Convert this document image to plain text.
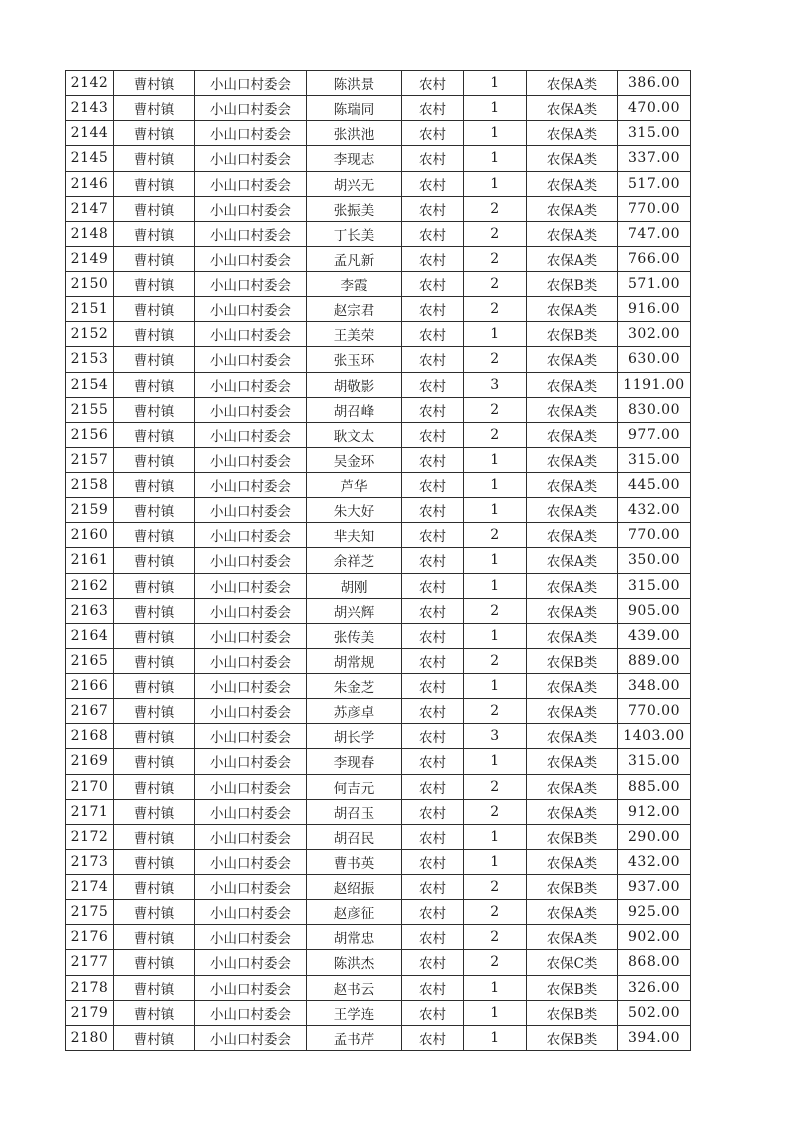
2142	曹村镇	小山口村委会	陈洪景	农村	1	农保A类	386.00
2143	曹村镇	小山口村委会	陈瑞同	农村	1	农保A类	470.00
2144	曹村镇	小山口村委会	张洪池	农村	1	农保A类	315.00
2145	曹村镇	小山口村委会	李现志	农村	1	农保A类	337.00
2146	曹村镇	小山口村委会	胡兴无	农村	1	农保A类	517.00
2147	曹村镇	小山口村委会	张振美	农村	2	农保A类	770.00
2148	曹村镇	小山口村委会	丁长美	农村	2	农保A类	747.00
2149	曹村镇	小山口村委会	孟凡新	农村	2	农保A类	766.00
2150	曹村镇	小山口村委会	李霞	农村	2	农保B类	571.00
2151	曹村镇	小山口村委会	赵宗君	农村	2	农保A类	916.00
2152	曹村镇	小山口村委会	王美荣	农村	1	农保B类	302.00
2153	曹村镇	小山口村委会	张玉环	农村	2	农保A类	630.00
2154	曹村镇	小山口村委会	胡敬影	农村	3	农保A类	1191.00
2155	曹村镇	小山口村委会	胡召峰	农村	2	农保A类	830.00
2156	曹村镇	小山口村委会	耿文太	农村	2	农保A类	977.00
2157	曹村镇	小山口村委会	吴金环	农村	1	农保A类	315.00
2158	曹村镇	小山口村委会	芦华	农村	1	农保A类	445.00
2159	曹村镇	小山口村委会	朱大好	农村	1	农保A类	432.00
2160	曹村镇	小山口村委会	芈夫知	农村	2	农保A类	770.00
2161	曹村镇	小山口村委会	余祥芝	农村	1	农保A类	350.00
2162	曹村镇	小山口村委会	胡刚	农村	1	农保A类	315.00
2163	曹村镇	小山口村委会	胡兴辉	农村	2	农保A类	905.00
2164	曹村镇	小山口村委会	张传美	农村	1	农保A类	439.00
2165	曹村镇	小山口村委会	胡常规	农村	2	农保B类	889.00
2166	曹村镇	小山口村委会	朱金芝	农村	1	农保A类	348.00
2167	曹村镇	小山口村委会	苏彦卓	农村	2	农保A类	770.00
2168	曹村镇	小山口村委会	胡长学	农村	3	农保A类	1403.00
2169	曹村镇	小山口村委会	李现春	农村	1	农保A类	315.00
2170	曹村镇	小山口村委会	何吉元	农村	2	农保A类	885.00
2171	曹村镇	小山口村委会	胡召玉	农村	2	农保A类	912.00
2172	曹村镇	小山口村委会	胡召民	农村	1	农保B类	290.00
2173	曹村镇	小山口村委会	曹书英	农村	1	农保A类	432.00
2174	曹村镇	小山口村委会	赵绍振	农村	2	农保B类	937.00
2175	曹村镇	小山口村委会	赵彦征	农村	2	农保A类	925.00
2176	曹村镇	小山口村委会	胡常忠	农村	2	农保A类	902.00
2177	曹村镇	小山口村委会	陈洪杰	农村	2	农保C类	868.00
2178	曹村镇	小山口村委会	赵书云	农村	1	农保B类	326.00
2179	曹村镇	小山口村委会	王学连	农村	1	农保B类	502.00
2180	曹村镇	小山口村委会	孟书芹	农村	1	农保B类	394.00
